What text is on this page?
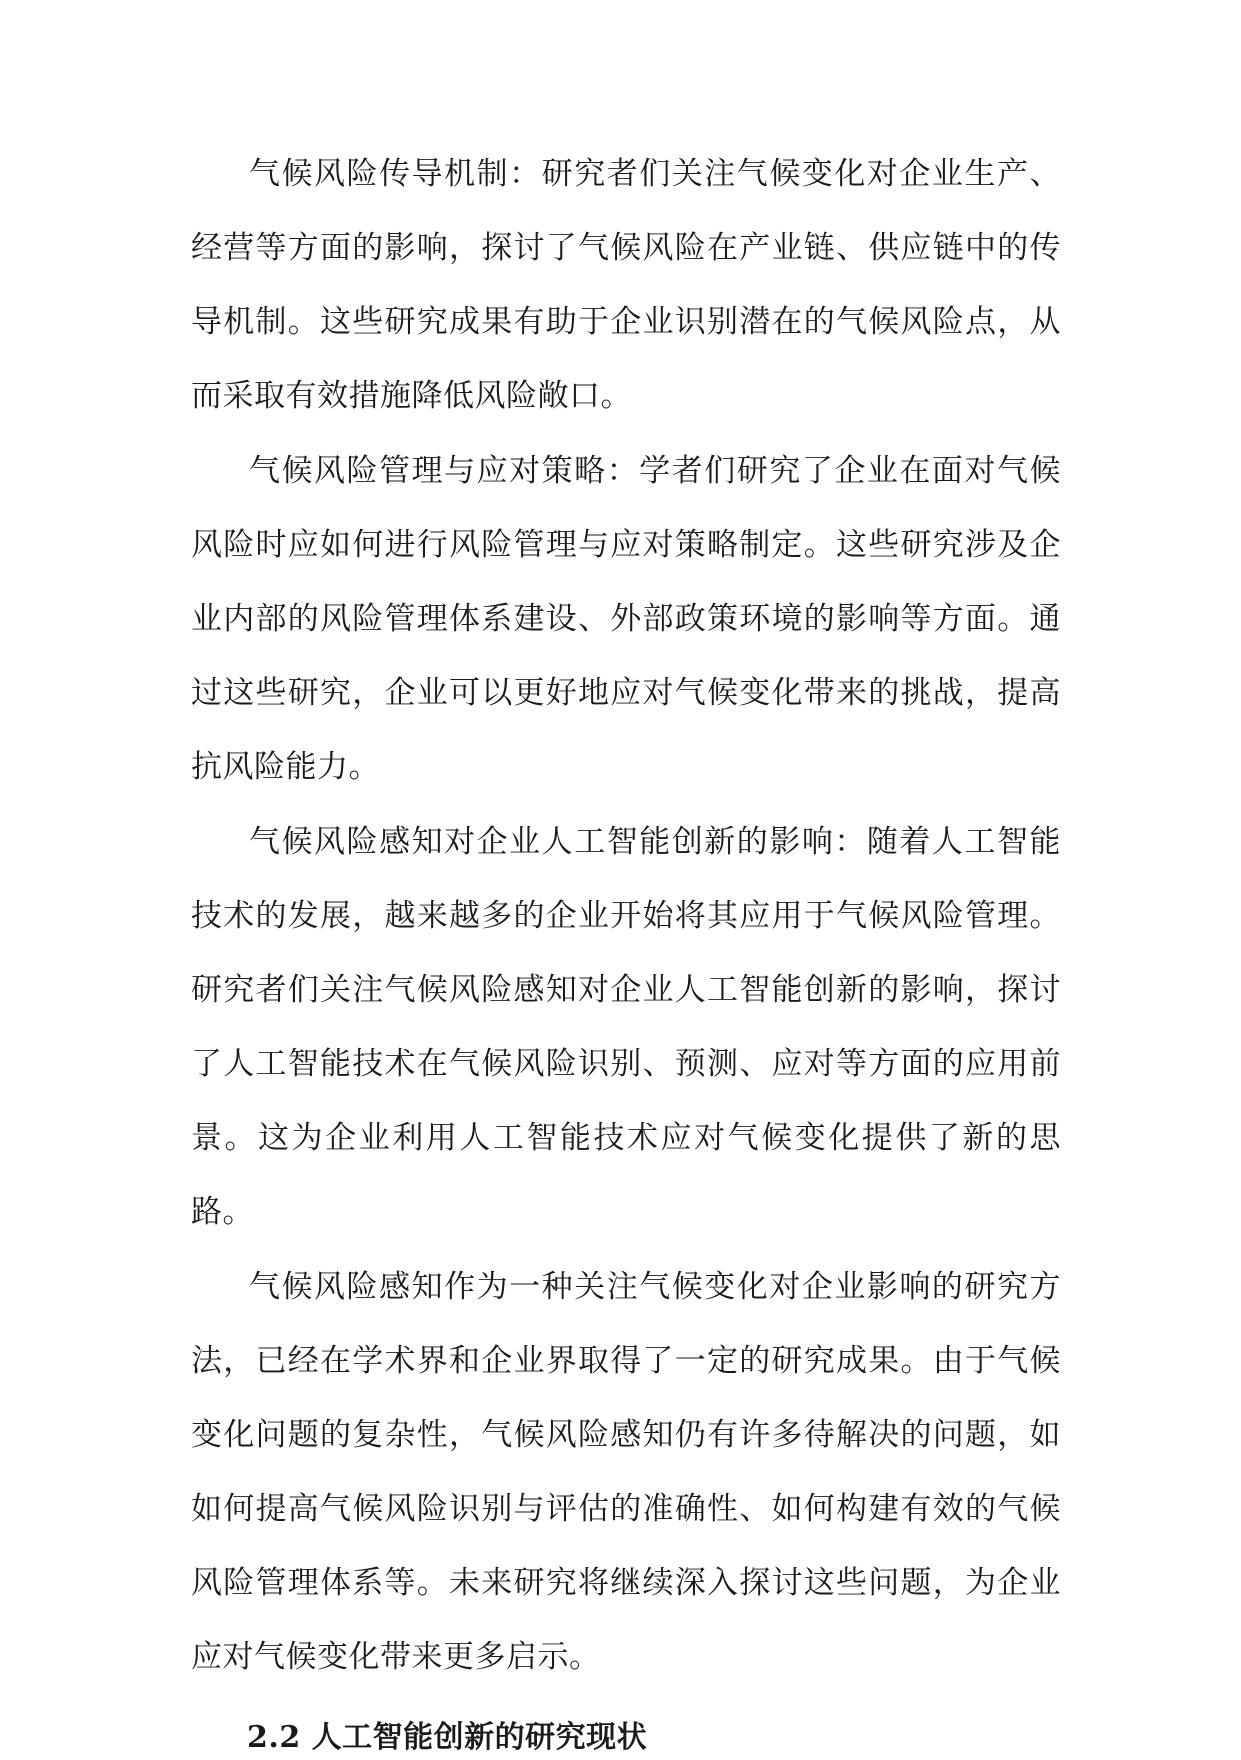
气候风险传导机制：研究者们关注气候变化对企业生产、经营等方面的影响，探讨了气候风险在产业链、供应链中的传导机制。这些研究成果有助于企业识别潜在的气候风险点，从而采取有效措施降低风险敞口。

气候风险管理与应对策略：学者们研究了企业在面对气候风险时应如何进行风险管理与应对策略制定。这些研究涉及企业内部的风险管理体系建设、外部政策环境的影响等方面。通过这些研究，企业可以更好地应对气候变化带来的挑战，提高抗风险能力。

气候风险感知对企业人工智能创新的影响：随着人工智能技术的发展，越来越多的企业开始将其应用于气候风险管理。研究者们关注气候风险感知对企业人工智能创新的影响，探讨了人工智能技术在气候风险识别、预测、应对等方面的应用前景。这为企业利用人工智能技术应对气候变化提供了新的思路。

气候风险感知作为一种关注气候变化对企业影响的研究方法，已经在学术界和企业界取得了一定的研究成果。由于气候变化问题的复杂性，气候风险感知仍有许多待解决的问题，如如何提高气候风险识别与评估的准确性、如何构建有效的气候风险管理体系等。未来研究将继续深入探讨这些问题，为企业应对气候变化带来更多启示。

2.2 人工智能创新的研究现状
